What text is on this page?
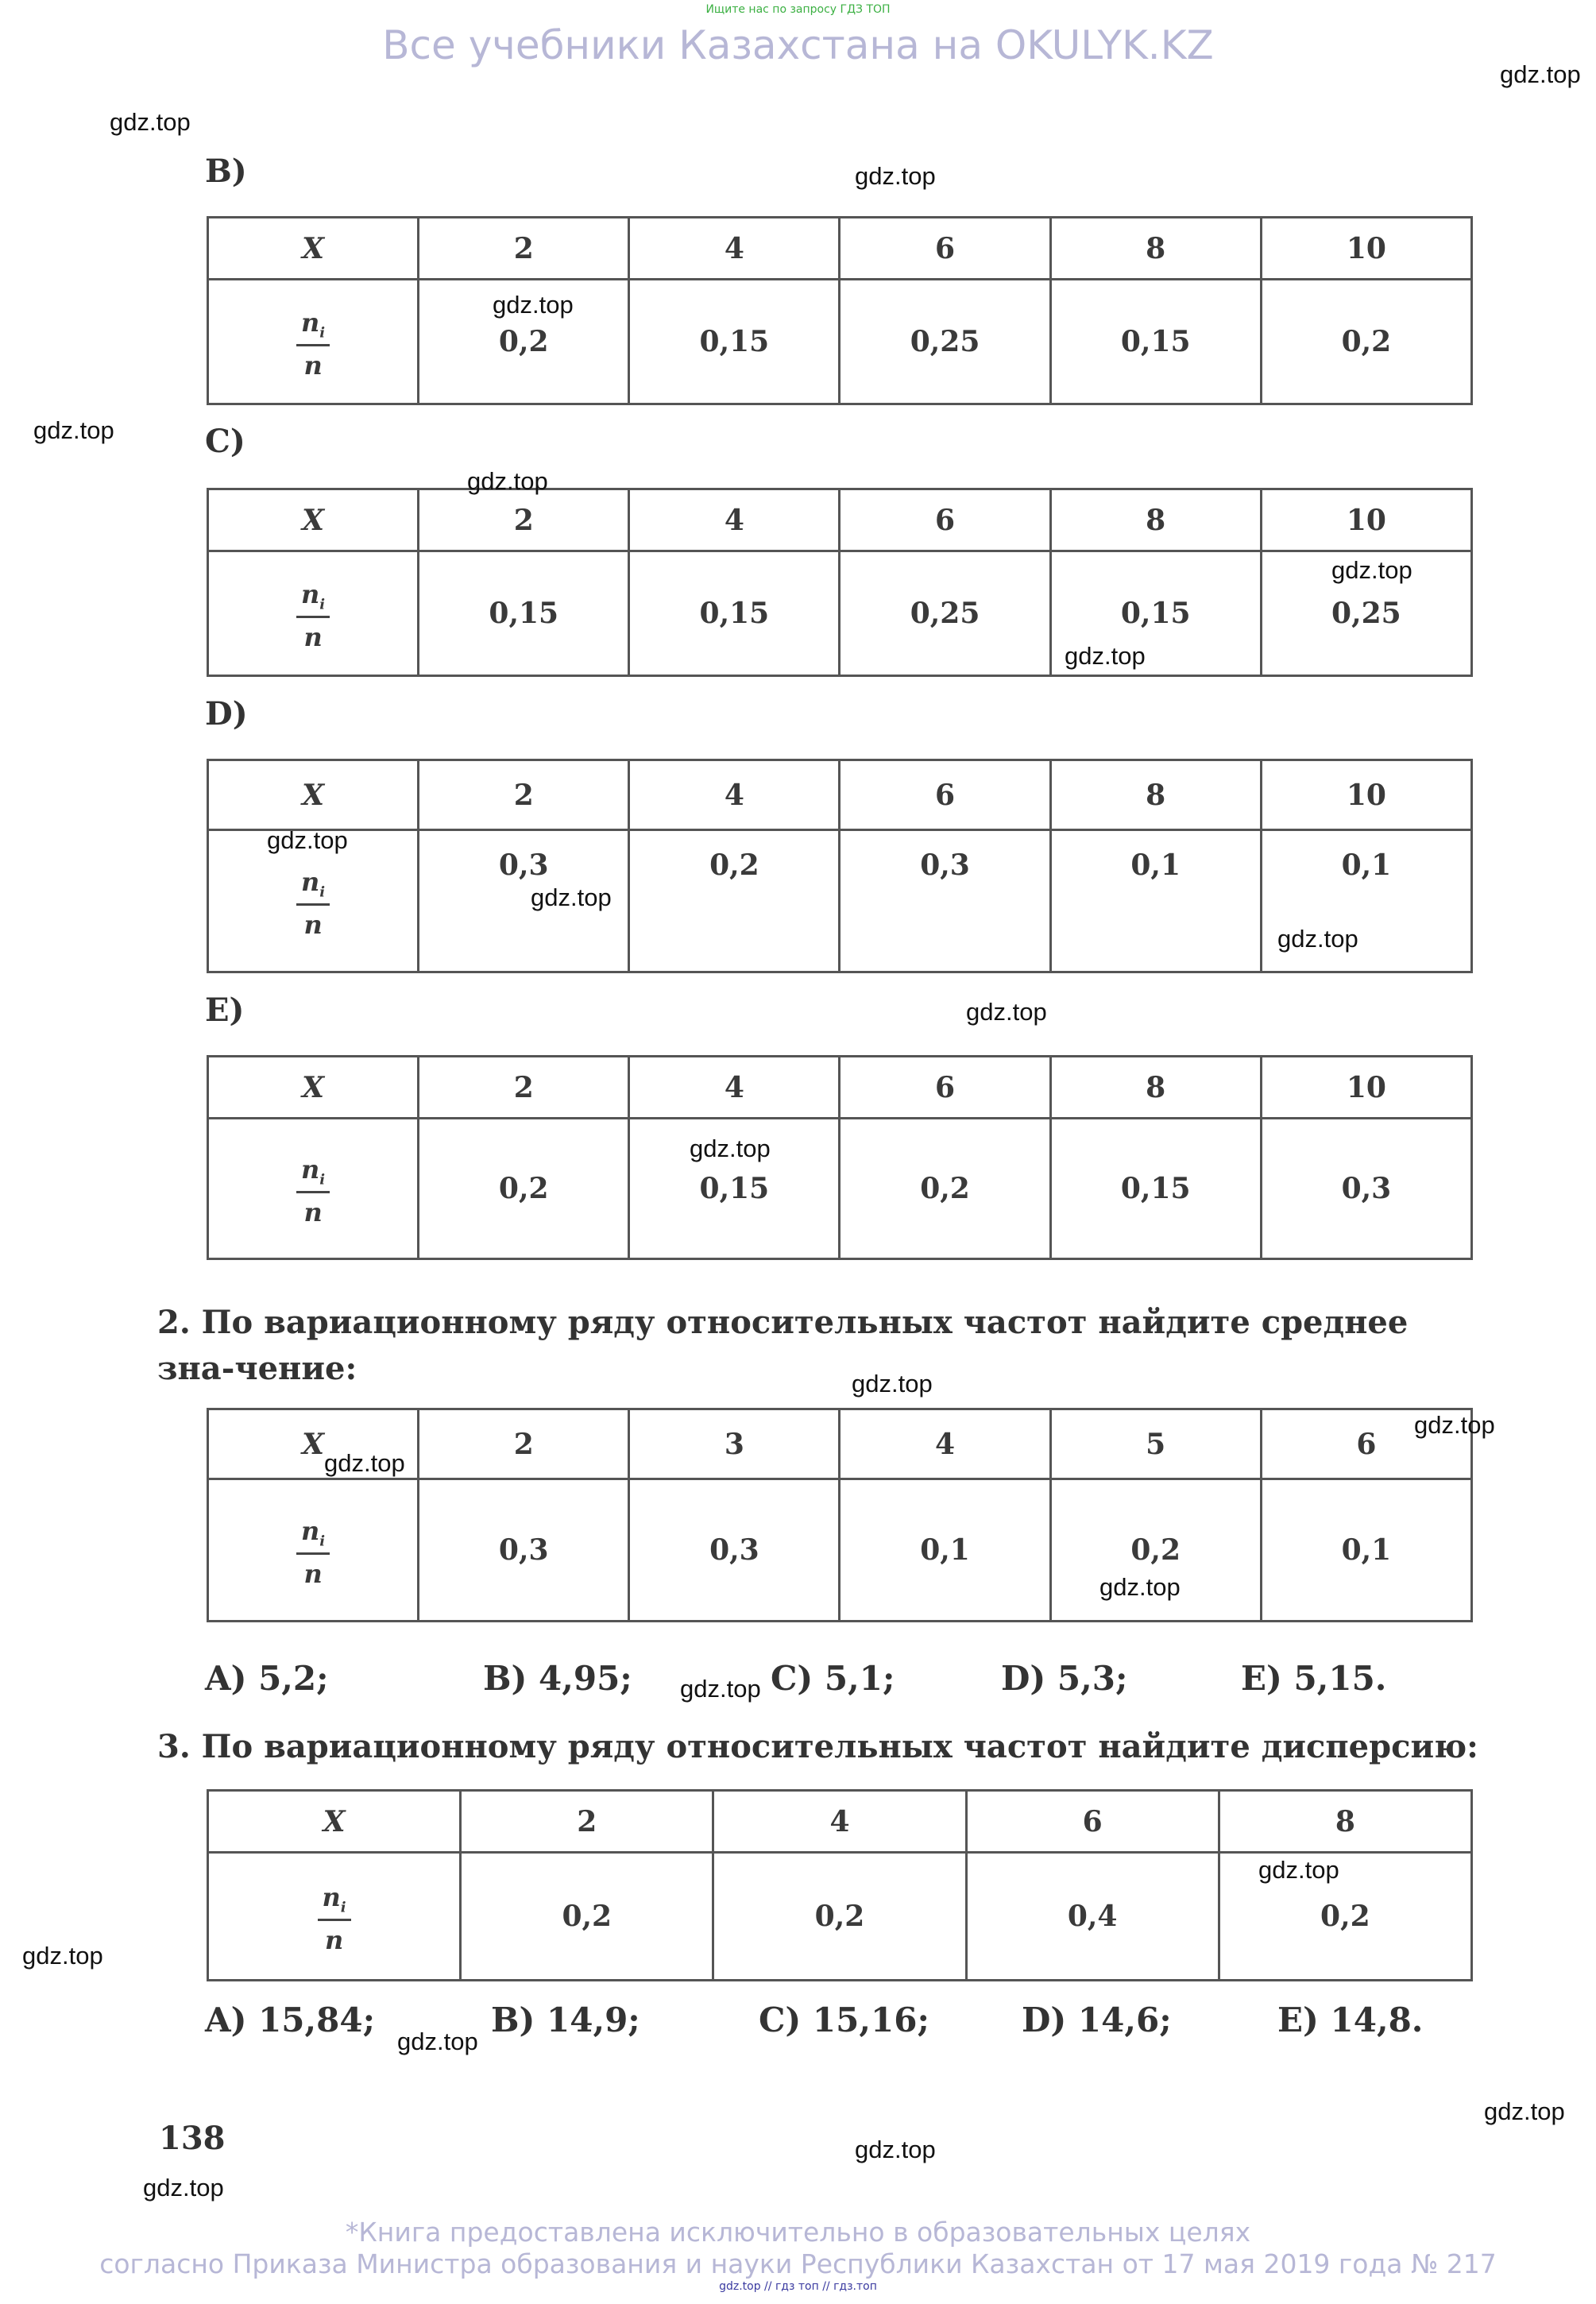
Ищите нас по запросу ГДЗ ТОП
Все учебники Казахстана на OKULYK.KZ
B)
X	2	4	6	8	10

$\frac{n_i}{n}$	0,2	0,15	0,25	0,15	0,2
C)
X	2	4	6	8	10

$\frac{n_i}{n}$	0,15	0,15	0,25	0,15	0,25
D)
X	2	4	6	8	10

$\frac{n_i}{n}$	0,3	0,2	0,3	0,1	0,1
E)
X	2	4	6	8	10

$\frac{n_i}{n}$	0,2	0,15	0,2	0,15	0,3
2. По вариационному ряду относительных частот найдите среднее зна-чение:
X	2	3	4	5	6

$\frac{n_i}{n}$	0,3	0,3	0,1	0,2	0,1
A) 5,2;	B) 4,95;	C) 5,1;	D) 5,3;	E) 5,15.
3. По вариационному ряду относительных частот найдите дисперсию:
X	2	4	6	8

$\frac{n_i}{n}$	0,2	0,2	0,4	0,2
A) 15,84;	B) 14,9;	C) 15,16;	D) 14,6;	E) 14,8.
138
gdz.top
gdz.top
gdz.top
gdz.top
gdz.top
gdz.top
gdz.top
gdz.top
gdz.top
gdz.top
gdz.top
gdz.top
gdz.top
gdz.top
gdz.top
gdz.top
gdz.top
gdz.top
gdz.top
gdz.top
gdz.top
gdz.top
gdz.top
gdz.top
*Книга предоставлена исключительно в образовательных целях
согласно Приказа Министра образования и науки Республики Казахстан от 17 мая 2019 года № 217
gdz.top // гдз топ // гдз.топ
